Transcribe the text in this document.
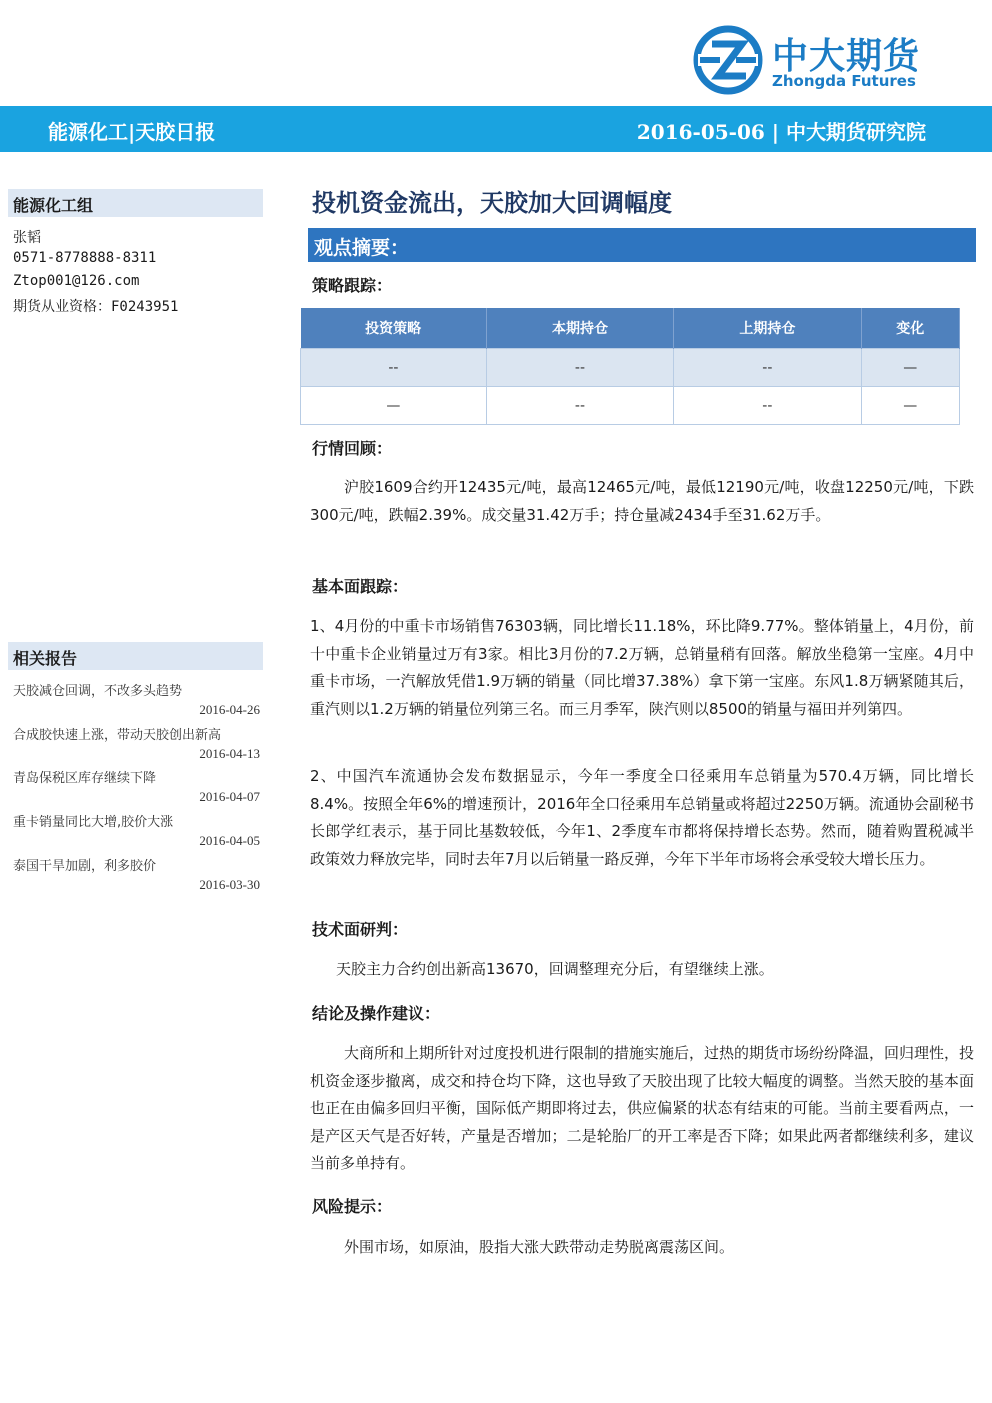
中大期货
Zhongda Futures
能源化工|天胶日报	2016-05-06 | 中大期货研究院
能源化工组
张韬
0571-8778888-8311
Ztop001@126.com
期货从业资格：F0243951
相关报告
天胶减仓回调，不改多头趋势
2016-04-26
合成胶快速上涨，带动天胶创出新高
2016-04-13
青岛保税区库存继续下降
2016-04-07
重卡销量同比大增,胶价大涨
2016-04-05
泰国干旱加剧，利多胶价
2016-03-30
投机资金流出，天胶加大回调幅度
观点摘要：
策略跟踪：
投资策略	本期持仓	上期持仓	变化
--	--	--	—
—	--	--	—
行情回顾：
沪胶1609合约开12435元/吨，最高12465元/吨，最低12190元/吨，收盘12250元/吨，下跌300元/吨，跌幅2.39%。成交量31.42万手；持仓量减2434手至31.62万手。
基本面跟踪：
1、4月份的中重卡市场销售76303辆，同比增长11.18%，环比降9.77%。整体销量上，4月份，前十中重卡企业销量过万有3家。相比3月份的7.2万辆，总销量稍有回落。解放坐稳第一宝座。4月中重卡市场，一汽解放凭借1.9万辆的销量（同比增37.38%）拿下第一宝座。东风1.8万辆紧随其后，重汽则以1.2万辆的销量位列第三名。而三月季军，陕汽则以8500的销量与福田并列第四。
2、中国汽车流通协会发布数据显示，今年一季度全口径乘用车总销量为570.4万辆，同比增长8.4%。按照全年6%的增速预计，2016年全口径乘用车总销量或将超过2250万辆。流通协会副秘书长郎学红表示，基于同比基数较低，今年1、2季度车市都将保持增长态势。然而，随着购置税减半政策效力释放完毕，同时去年7月以后销量一路反弹，今年下半年市场将会承受较大增长压力。
技术面研判：
天胶主力合约创出新高13670，回调整理充分后，有望继续上涨。
结论及操作建议：
大商所和上期所针对过度投机进行限制的措施实施后，过热的期货市场纷纷降温，回归理性，投机资金逐步撤离，成交和持仓均下降，这也导致了天胶出现了比较大幅度的调整。当然天胶的基本面也正在由偏多回归平衡，国际低产期即将过去，供应偏紧的状态有结束的可能。当前主要看两点，一是产区天气是否好转，产量是否增加；二是轮胎厂的开工率是否下降；如果此两者都继续利多，建议当前多单持有。
风险提示：
外围市场，如原油，股指大涨大跌带动走势脱离震荡区间。
